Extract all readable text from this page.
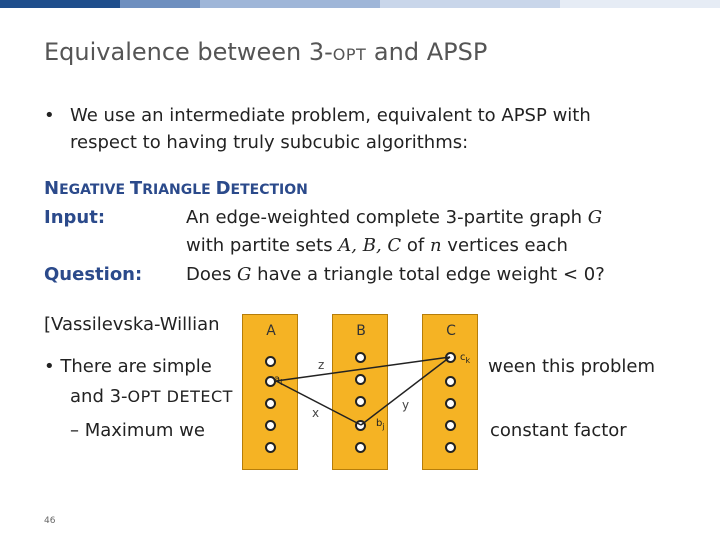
Equivalence between 3-OPT and APSP
• We use an intermediate problem, equivalent to APSP with
respect to having truly subcubic algorithms:
NEGATIVE TRIANGLE DETECTION
Input:	An edge-weighted complete 3-partite graph G
with partite sets A, B, C of n vertices each
Question: Does G have a triangle total edge weight < 0?
[Vassilevska-Willian
• There are simple	ween this problem
and 3-OPT DETECT
– Maximum we	constant factor
A	B	C
$a_i$
$b_j$
$c_k$
z
x
y
46
